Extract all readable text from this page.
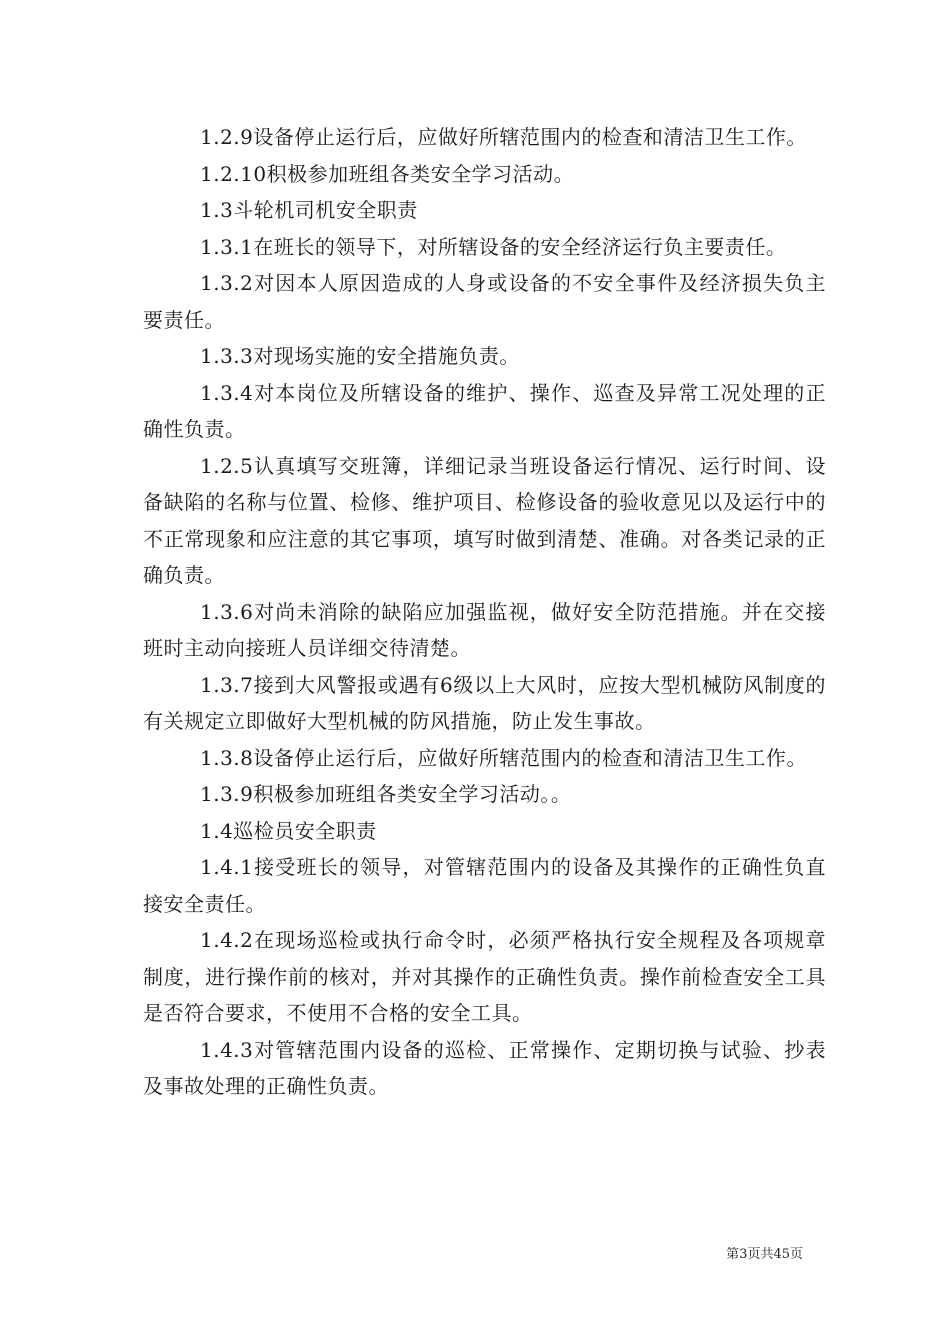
1.2.9设备停止运行后，应做好所辖范围内的检查和清洁卫生工作。

1.2.10积极参加班组各类安全学习活动。

1.3斗轮机司机安全职责

1.3.1在班长的领导下，对所辖设备的安全经济运行负主要责任。

1.3.2对因本人原因造成的人身或设备的不安全事件及经济损失负主要责任。

1.3.3对现场实施的安全措施负责。

1.3.4对本岗位及所辖设备的维护、操作、巡查及异常工况处理的正确性负责。

1.2.5认真填写交班簿，详细记录当班设备运行情况、运行时间、设备缺陷的名称与位置、检修、维护项目、检修设备的验收意见以及运行中的不正常现象和应注意的其它事项，填写时做到清楚、准确。对各类记录的正确负责。

1.3.6对尚未消除的缺陷应加强监视，做好安全防范措施。并在交接班时主动向接班人员详细交待清楚。

1.3.7接到大风警报或遇有6级以上大风时，应按大型机械防风制度的有关规定立即做好大型机械的防风措施，防止发生事故。

1.3.8设备停止运行后，应做好所辖范围内的检查和清洁卫生工作。

1.3.9积极参加班组各类安全学习活动。。

1.4巡检员安全职责

1.4.1接受班长的领导，对管辖范围内的设备及其操作的正确性负直接安全责任。

1.4.2在现场巡检或执行命令时，必须严格执行安全规程及各项规章制度，进行操作前的核对，并对其操作的正确性负责。操作前检查安全工具是否符合要求，不使用不合格的安全工具。

1.4.3对管辖范围内设备的巡检、正常操作、定期切换与试验、抄表及事故处理的正确性负责。

第3页共45页
